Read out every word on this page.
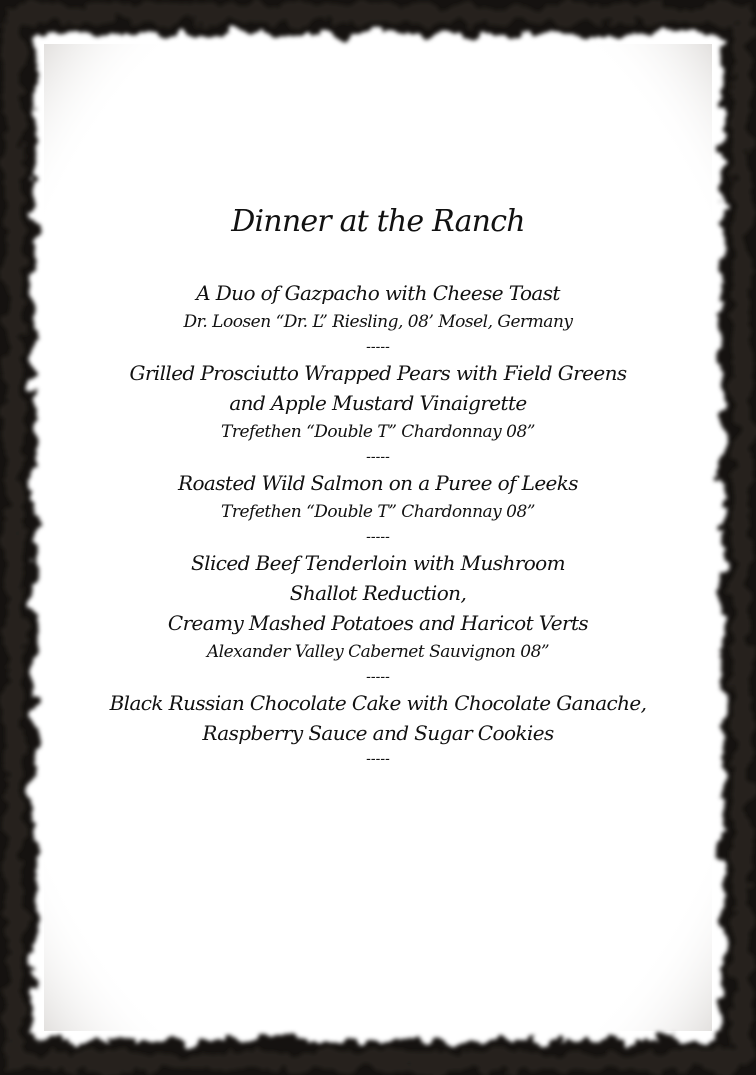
Dinner at the Ranch

A Duo of Gazpacho with Cheese Toast

Dr. Loosen “Dr. L” Riesling, 08’ Mosel, Germany

-----

Grilled Prosciutto Wrapped Pears with Field Greens and Apple Mustard Vinaigrette

Trefethen “Double T” Chardonnay 08”

-----

Roasted Wild Salmon on a Puree of Leeks

Trefethen “Double T” Chardonnay 08”

-----

Sliced Beef Tenderloin with Mushroom Shallot Reduction,

Creamy Mashed Potatoes and Haricot Verts

Alexander Valley Cabernet Sauvignon 08”

-----

Black Russian Chocolate Cake with Chocolate Ganache,

Raspberry Sauce and Sugar Cookies

-----
